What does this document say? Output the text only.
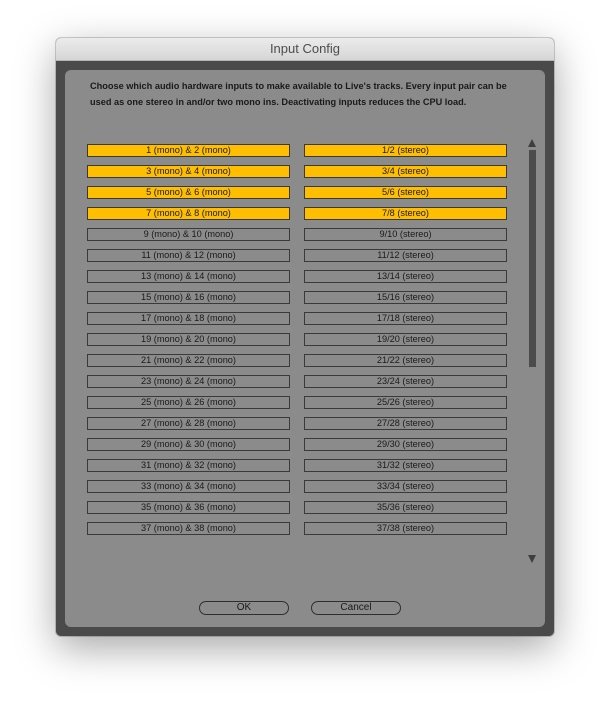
Input Config

Choose which audio hardware inputs to make available to Live's tracks. Every input pair can be used as one stereo in and/or two mono ins. Deactivating inputs reduces the CPU load.

1 (mono) & 2 (mono)	1/2 (stereo)
3 (mono) & 4 (mono)	3/4 (stereo)
5 (mono) & 6 (mono)	5/6 (stereo)
7 (mono) & 8 (mono)	7/8 (stereo)
9 (mono) & 10 (mono)	9/10 (stereo)
11 (mono) & 12 (mono)	11/12 (stereo)
13 (mono) & 14 (mono)	13/14 (stereo)
15 (mono) & 16 (mono)	15/16 (stereo)
17 (mono) & 18 (mono)	17/18 (stereo)
19 (mono) & 20 (mono)	19/20 (stereo)
21 (mono) & 22 (mono)	21/22 (stereo)
23 (mono) & 24 (mono)	23/24 (stereo)
25 (mono) & 26 (mono)	25/26 (stereo)
27 (mono) & 28 (mono)	27/28 (stereo)
29 (mono) & 30 (mono)	29/30 (stereo)
31 (mono) & 32 (mono)	31/32 (stereo)
33 (mono) & 34 (mono)	33/34 (stereo)
35 (mono) & 36 (mono)	35/36 (stereo)
37 (mono) & 38 (mono)	37/38 (stereo)
OK	Cancel
